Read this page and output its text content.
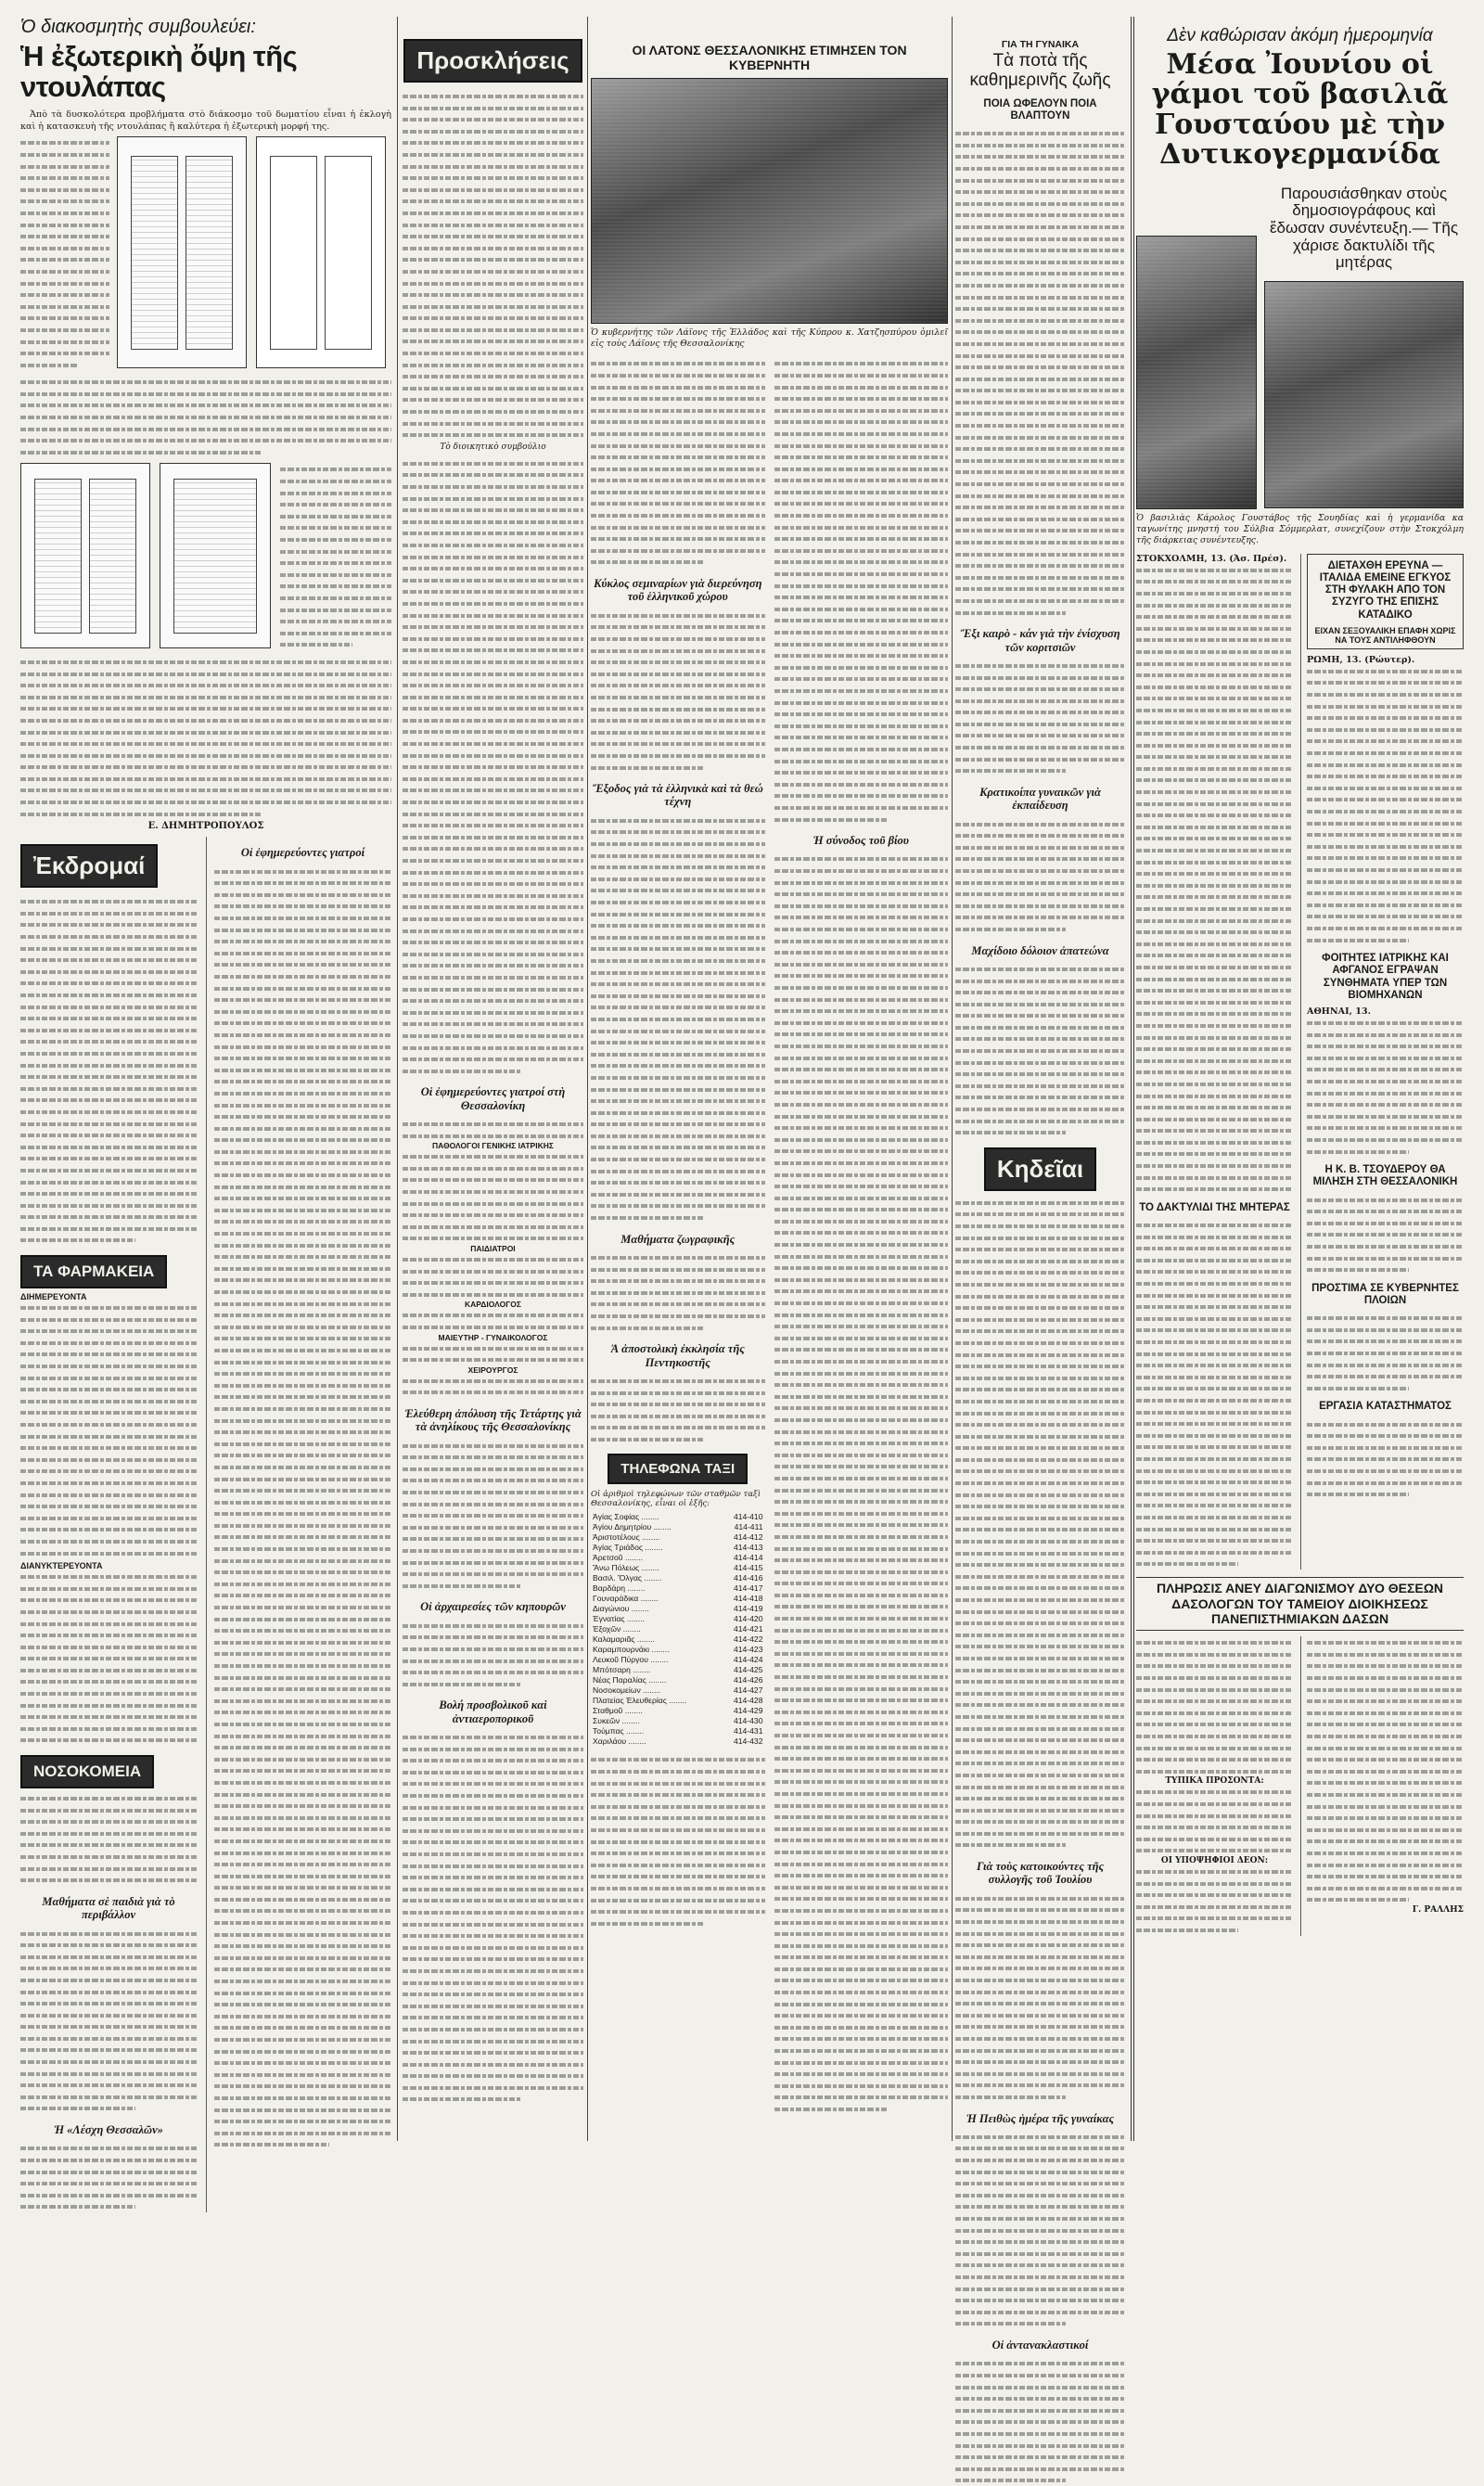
Ὁ διακοσμητὴς συμβουλεύει:
Ἡ ἐξωτερικὴ ὄψη τῆς ντουλάπας

Ἀπὸ τὰ δυσκολότερα προβλήματα στὸ διάκοσμο τοῦ δωματίου εἶναι ἡ ἐκλογὴ καὶ ἡ κατασκευὴ τῆς ντουλάπας ἢ καλύτερα ἡ ἐξωτερικὴ μορφή της.

Ε. ΔΗΜΗΤΡΟΠΟΥΛΟΣ
Ἐκδρομαί
ΤΑ ΦΑΡΜΑΚΕΙΑ
ΔΙΗΜΕΡΕΥΟΝΤΑ
ΔΙΑΝΥΚΤΕΡΕΥΟΝΤΑ
ΝΟΣΟΚΟΜΕΙΑ
Μαθήματα σὲ παιδιὰ γιὰ τὸ περιβάλλον
Ἡ «Λέσχη Θεσσαλῶν»
Οἱ ἐφημερεύοντες γιατροί
Προσκλήσεις
Τὸ διοικητικὸ συμβούλιο
Οἱ ἐφημερεύοντες γιατροί στὴ Θεσσαλονίκη
ΠΑΘΟΛΟΓΟΙ ΓΕΝΙΚΗΣ ΙΑΤΡΙΚΗΣ
ΠΑΙΔΙΑΤΡΟΙ
ΚΑΡΔΙΟΛΟΓΟΣ
ΜΑΙΕΥΤΗΡ - ΓΥΝΑΙΚΟΛΟΓΟΣ
ΧΕΙΡΟΥΡΓΟΣ
Ἐλεύθερη ἀπόλυση τῆς Τετάρτης γιὰ τὰ ἀνηλίκους τῆς Θεσσαλονίκης
Οἱ ἀρχαιρεσίες τῶν κηπουρῶν
Βολή προσβολικοῦ καὶ ἀντιαεροπορικοῦ
ΟΙ ΛΑΤΟΝΣ ΘΕΣΣΑΛΟΝΙΚΗΣ ΕΤΙΜΗΣΕΝ ΤΟΝ ΚΥΒΕΡΝΗΤΗ
Ὁ κυβερνήτης τῶν Λάϊονς τῆς Ἑλλάδος καὶ τῆς Κύπρου κ. Χατζησπύρου ὁμιλεῖ εἰς τοὺς Λάϊονς τῆς Θεσσαλονίκης
Κύκλος σεμιναρίων γιὰ διερεύνηση τοῦ ἑλληνικοῦ χώρου
Ἔξοδος γιὰ τὰ ἑλληνικὰ καὶ τὰ θεώ τέχνη
Μαθήματα ζωγραφικῆς
Ἀ ἀποστολικὴ ἐκκλησία τῆς Πεντηκοστῆς
ΤΗΛΕΦΩΝΑ ΤΑΞΙ
Οἱ ἀριθμοὶ τηλεφώνων τῶν σταθμῶν ταξὶ Θεσσαλονίκης, εἶναι οἱ ἑξῆς:
Ἀγίας Σοφίας ........	414-410
Ἀγίου Δημητρίου ........	414-411
Ἀριστοτέλους ........	414-412
Ἀγίας Τριάδος ........	414-413
Ἀρετσοῦ ........	414-414
Ἄνω Πόλεως ........	414-415
Βασιλ. Ὄλγας ........	414-416
Βαρδάρη ........	414-417
Γουναράδικα ........	414-418
Διαγώνιου ........	414-419
Ἐγνατίας ........	414-420
Ἐξοχῶν ........	414-421
Καλαμαριᾶς ........	414-422
Καραμπουρνάκι ........	414-423
Λευκοῦ Πύργου ........	414-424
Μπότσαρη ........	414-425
Νέας Παραλίας ........	414-426
Νοσοκομείων ........	414-427
Πλατείας Ἐλευθερίας ........	414-428
Σταθμοῦ ........	414-429
Συκεῶν ........	414-430
Τούμπας ........	414-431
Χαριλάου ........	414-432
Ἡ σύνοδος τοῦ βίου
ΓΙΑ ΤΗ ΓΥΝΑΙΚΑ
Τὰ ποτὰ τῆς καθημερινῆς ζωῆς
ΠΟΙΑ ΩΦΕΛΟΥΝ ΠΟΙΑ ΒΛΑΠΤΟΥΝ
Ἔξι καιρὸ - κάν γιὰ τὴν ἐνίσχυση τῶν κοριτσιῶν
Κρατικοίπα γυναικῶν γιὰ ἐκπαίδευση
Μαχίδοιο δόλοιον ἀπατεώνα
Κηδεῖαι
Γιὰ τοὺς κατοικούντες τῆς συλλογῆς τοῦ Ἰουλίου
Ἡ Πειθὼς ἡμέρα τῆς γυναίκας
Οἱ ἀντανακλαστικοί
Δὲν καθώρισαν ἀκόμη ἡμερομηνία
Μέσα Ἰουνίου οἱ γάμοι τοῦ βασιλιᾶ Γουσταύου μὲ τὴν Δυτικογερμανίδα
Παρουσιάσθηκαν στοὺς δημοσιογράφους καὶ ἔδωσαν συνέντευξη.— Τῆς χάρισε δακτυλίδι τῆς μητέρας
Ὁ βασιλιὰς Κάρολος Γουστάβος τῆς Σουηδίας καὶ ἡ γερμανίδα κα ταγωνίτης μνηστή του Σύλβια Σόμμερλατ, συνεχίζουν στὴν Στοκχόλμη τῆς διάρκειας συνέντευξης.
ΣΤΟΚΧΟΛΜΗ, 13. (Ἀσ. Πρέσ).
ΤΟ ΔΑΚΤΥΛΙΔΙ ΤΗΣ ΜΗΤΕΡΑΣ
ΔΙΕΤΑΧΘΗ ΕΡΕΥΝΑ — ΙΤΑΛΙΔΑ ΕΜΕΙΝΕ ΕΓΚΥΟΣ ΣΤΗ ΦΥΛΑΚΗ ΑΠΟ ΤΟΝ ΣΥΖΥΓΟ ΤΗΣ ΕΠΙΣΗΣ ΚΑΤΑΔΙΚΟ
ΕΙΧΑΝ ΣΕΞΟΥΑΛΙΚΗ ΕΠΑΦΗ ΧΩΡΙΣ ΝΑ ΤΟΥΣ ΑΝΤΙΛΗΦΘΟΥΝ
ΡΩΜΗ, 13. (Ρώυτερ).
ΦΟΙΤΗΤΕΣ ΙΑΤΡΙΚΗΣ ΚΑΙ ΑΦΓΑΝΟΣ ΕΓΡΑΨΑΝ ΣΥΝΘΗΜΑΤΑ ΥΠΕΡ ΤΩΝ ΒΙΟΜΗΧΑΝΩΝ
ΑΘΗΝΑΙ, 13.
Η Κ. Β. ΤΣΟΥΔΕΡΟΥ ΘΑ ΜΙΛΗΣΗ ΣΤΗ ΘΕΣΣΑΛΟΝΙΚΗ
ΠΡΟΣΤΙΜΑ ΣΕ ΚΥΒΕΡΝΗΤΕΣ ΠΛΟΙΩΝ
ΕΡΓΑΣΙΑ ΚΑΤΑΣΤΗΜΑΤΟΣ
ΠΛΗΡΩΣΙΣ ΑΝΕΥ ΔΙΑΓΩΝΙΣΜΟΥ ΔΥΟ ΘΕΣΕΩΝ ΔΑΣΟΛΟΓΩΝ ΤΟΥ ΤΑΜΕΙΟΥ ΔΙΟΙΚΗΣΕΩΣ ΠΑΝΕΠΙΣΤΗΜΙΑΚΩΝ ΔΑΣΩΝ
ΤΥΠΙΚΑ ΠΡΟΣΟΝΤΑ:
ΟΙ ΥΠΟΨΗΦΙΟΙ ΔΕΟΝ:
Γ. ΡΑΛΛΗΣ
